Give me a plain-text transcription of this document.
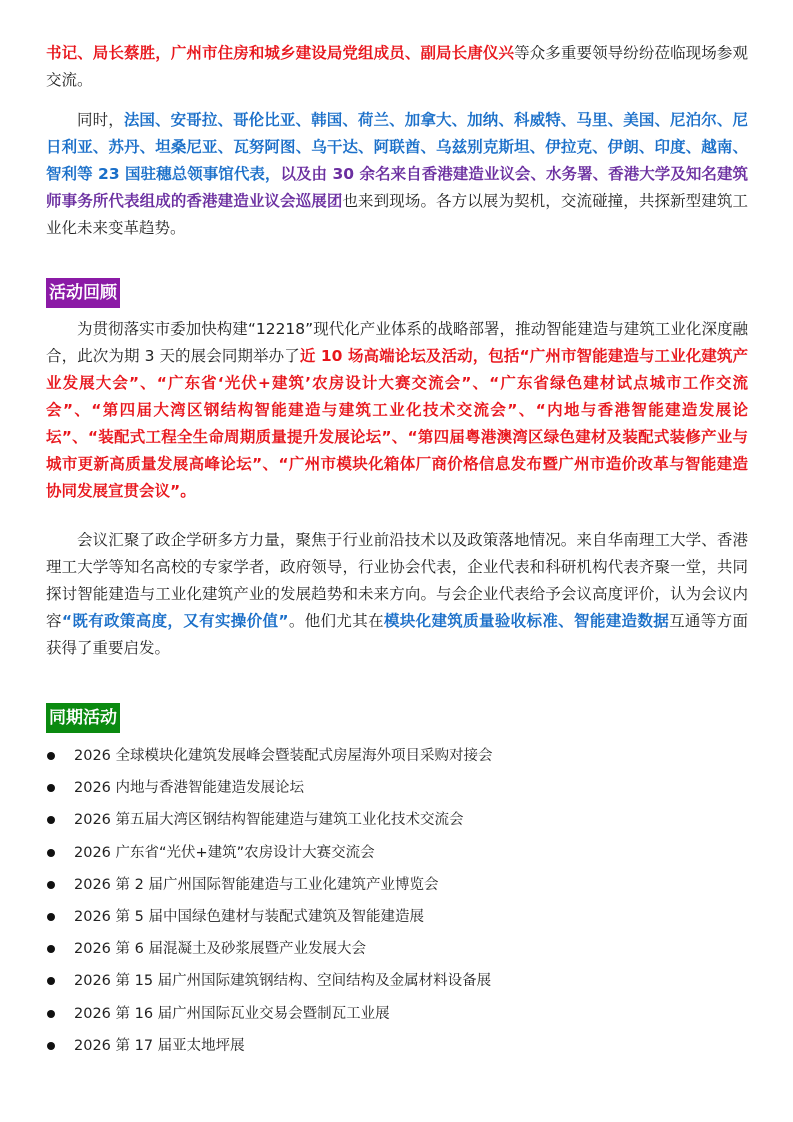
书记、局长蔡胜，广州市住房和城乡建设局党组成员、副局长唐仪兴等众多重要领导纷纷莅临现场参观交流。

同时，法国、安哥拉、哥伦比亚、韩国、荷兰、加拿大、加纳、科威特、马里、美国、尼泊尔、尼日利亚、苏丹、坦桑尼亚、瓦努阿图、乌干达、阿联酋、乌兹别克斯坦、伊拉克、伊朗、印度、越南、智利等 23 国驻穗总领事馆代表，以及由 30 余名来自香港建造业议会、水务署、香港大学及知名建筑师事务所代表组成的香港建造业议会巡展团也来到现场。各方以展为契机，交流碰撞，共探新型建筑工业化未来变革趋势。

活动回顾

为贯彻落实市委加快构建“12218”现代化产业体系的战略部署，推动智能建造与建筑工业化深度融合，此次为期 3 天的展会同期举办了近 10 场高端论坛及活动，包括“广州市智能建造与工业化建筑产业发展大会”、“广东省‘光伏+建筑’农房设计大赛交流会”、“广东省绿色建材试点城市工作交流会”、“第四届大湾区钢结构智能建造与建筑工业化技术交流会”、“内地与香港智能建造发展论坛”、“装配式工程全生命周期质量提升发展论坛”、“第四届粤港澳湾区绿色建材及装配式装修产业与城市更新高质量发展高峰论坛”、“广州市模块化箱体厂商价格信息发布暨广州市造价改革与智能建造协同发展宣贯会议”。

会议汇聚了政企学研多方力量，聚焦于行业前沿技术以及政策落地情况。来自华南理工大学、香港理工大学等知名高校的专家学者，政府领导，行业协会代表，企业代表和科研机构代表齐聚一堂，共同探讨智能建造与工业化建筑产业的发展趋势和未来方向。与会企业代表给予会议高度评价，认为会议内容“既有政策高度，又有实操价值”。他们尤其在模块化建筑质量验收标准、智能建造数据互通等方面获得了重要启发。

同期活动
2026 全球模块化建筑发展峰会暨装配式房屋海外项目采购对接会
2026 内地与香港智能建造发展论坛
2026 第五届大湾区钢结构智能建造与建筑工业化技术交流会
2026 广东省“光伏+建筑”农房设计大赛交流会
2026 第 2 届广州国际智能建造与工业化建筑产业博览会
2026 第 5 届中国绿色建材与装配式建筑及智能建造展
2026 第 6 届混凝土及砂浆展暨产业发展大会
2026 第 15 届广州国际建筑钢结构、空间结构及金属材料设备展
2026 第 16 届广州国际瓦业交易会暨制瓦工业展
2026 第 17 届亚太地坪展
